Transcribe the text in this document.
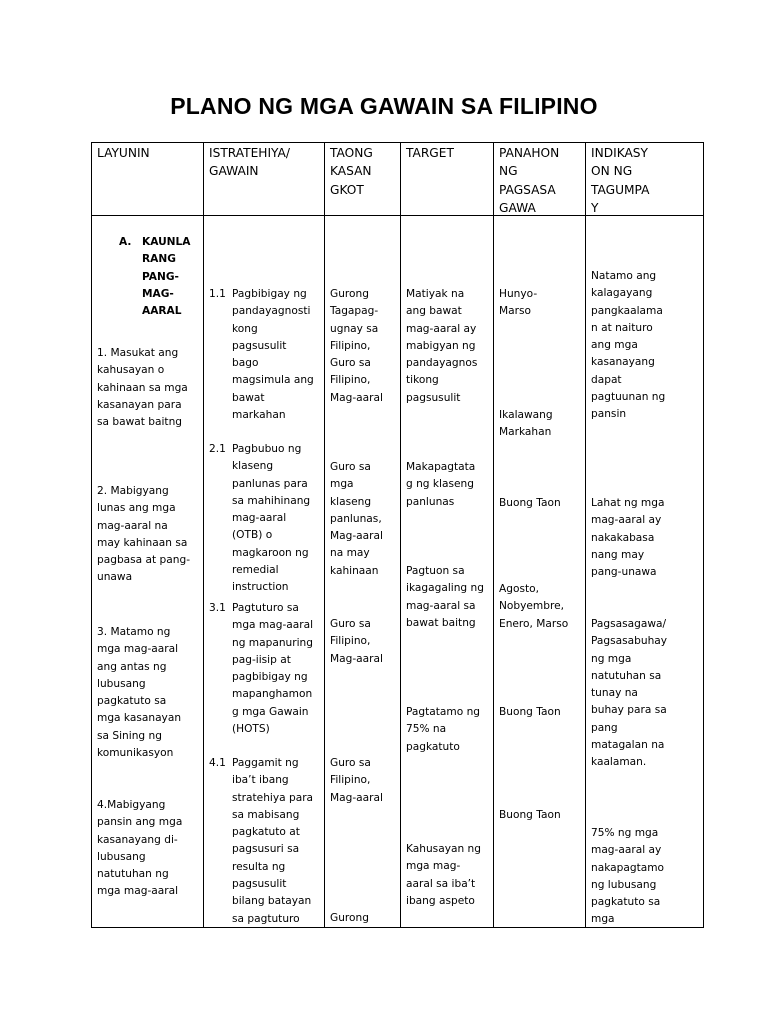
PLANO NG MGA GAWAIN SA FILIPINO
LAYUNIN	ISTRATEHIYA/
GAWAIN
TAONG
KASAN
GKOT
TARGET	PANAHON
NG
PAGSASA
GAWA
INDIKASY
ON NG
TAGUMPA
Y
A. KAUNLA
RANG
PANG-
MAG-
AARAL
1. Masukat ang
kahusayan o
kahinaan sa mga
kasanayan para
sa bawat baitng
2. Mabigyang
lunas ang mga
mag-aaral na
may kahinaan sa
pagbasa at pang-
unawa
3. Matamo ng
mga mag-aaral
ang antas ng
lubusang
pagkatuto sa
mga kasanayan
sa Sining ng
komunikasyon
4.Mabigyang
pansin ang mga
kasanayang di-
lubusang
natutuhan ng
mga mag-aaral
1.1 Pagbibigay ng
pandayagnosti
kong
pagsusulit
bago
magsimula ang
bawat
markahan
2.1 Pagbubuo ng
klaseng
panlunas para
sa mahihinang
mag-aaral
(OTB) o
magkaroon ng
remedial
instruction
3.1 Pagtuturo sa
mga mag-aaral
ng mapanuring
pag-iisip at
pagbibigay ng
mapanghamon
g mga Gawain
(HOTS)
4.1 Paggamit ng
iba’t ibang
stratehiya para
sa mabisang
pagkatuto at
pagsusuri sa
resulta ng
pagsusulit
bilang batayan
sa pagtuturo
Gurong
Tagapag-
ugnay sa
Filipino,
Guro sa
Filipino,
Mag-aaral
Guro sa
mga
klaseng
panlunas,
Mag-aaral
na may
kahinaan
Guro sa
Filipino,
Mag-aaral
Guro sa
Filipino,
Mag-aaral
Gurong
Matiyak na
ang bawat
mag-aaral ay
mabigyan ng
pandayagnos
tikong
pagsusulit
Makapagtata
g ng klaseng
panlunas
Pagtuon sa
ikagagaling ng
mag-aaral sa
bawat baitng
Pagtatamo ng
75% na
pagkatuto
Kahusayan ng
mga mag-
aaral sa iba’t
ibang aspeto
Hunyo-
Marso
Ikalawang
Markahan
Buong Taon
Agosto,
Nobyembre,
Enero, Marso
Buong Taon
Buong Taon
Natamo ang
kalagayang
pangkaalama
n at naituro
ang mga
kasanayang
dapat
pagtuunan ng
pansin
Lahat ng mga
mag-aaral ay
nakakabasa
nang may
pang-unawa
Pagsasagawa/
Pagsasabuhay
ng mga
natutuhan sa
tunay na
buhay para sa
pang
matagalan na
kaalaman.
75% ng mga
mag-aaral ay
nakapagtamo
ng lubusang
pagkatuto sa
mga
